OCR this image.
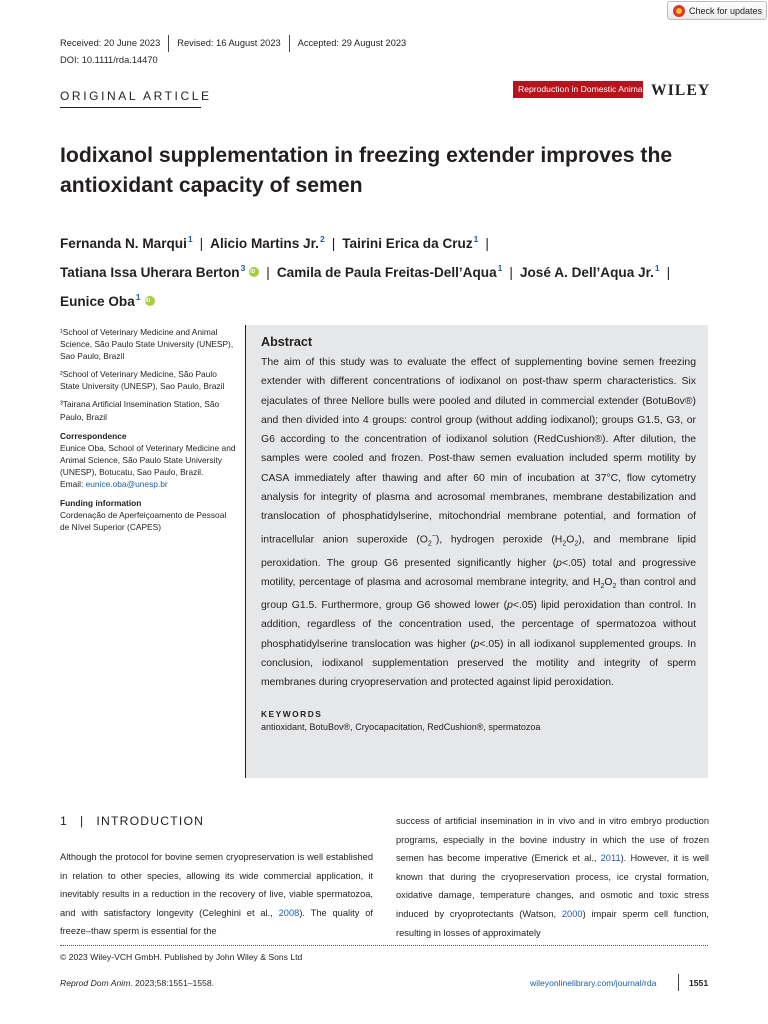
Check for updates
Received: 20 June 2023	Revised: 16 August 2023	Accepted: 29 August 2023
DOI: 10.1111/rda.14470
ORIGINAL ARTICLE	Reproduction in Domestic Animals WILEY
Iodixanol supplementation in freezing extender improves the antioxidant capacity of semen
Fernanda N. Marqui$^1$ | Alicio Martins Jr.$^2$ | Tairini Erica da Cruz$^1$ |
Tatiana Issa Uherara Berton$^3$iD | Camila de Paula Freitas-Dell’Aqua$^1$ | José A. Dell’Aqua Jr.$^1$ |
Eunice Oba$^1$iD

¹School of Veterinary Medicine and Animal Science, São Paulo State University (UNESP), Sao Paulo, Brazil

²School of Veterinary Medicine, São Paulo State University (UNESP), Sao Paulo, Brazil

³Tairana Artificial Insemination Station, São Paulo, Brazil

Correspondence

Eunice Oba, School of Veterinary Medicine and Animal Science, São Paulo State University (UNESP), Botucatu, Sao Paulo, Brazil.

Email: eunice.oba@unesp.br

Funding information

Cordenação de Aperfeiçoamento de Pessoal de Nível Superior (CAPES)

Abstract
The aim of this study was to evaluate the effect of supplementing bovine semen freezing extender with different concentrations of iodixanol on post-thaw sperm characteristics. Six ejaculates of three Nellore bulls were pooled and diluted in commercial extender (BotuBov®) and then divided into 4 groups: control group (without adding iodixanol); groups G1.5, G3, or G6 according to the concentration of iodixanol solution (RedCushion®). After dilution, the samples were cooled and frozen. Post-thaw semen evaluation included sperm motility by CASA immediately after thawing and after 60 min of incubation at 37°C, flow cytometry analysis for integrity of plasma and acrosomal membranes, membrane destabilization and translocation of phosphatidylserine, mitochondrial membrane potential, and formation of intracellular anion superoxide $(O_2^-)$, hydrogen peroxide $(H_2O_2)$, and membrane lipid peroxidation. The group G6 presented significantly higher (p<.05) total and progressive motility, percentage of plasma and acrosomal membrane integrity, and $H_2O_2$ than control and group G1.5. Furthermore, group G6 showed lower (p<.05) lipid peroxidation than control. In addition, regardless of the concentration used, the percentage of spermatozoa without phosphatidylserine translocation was higher (p<.05) in all iodixanol supplemented groups. In conclusion, iodixanol supplementation preserved the motility and integrity of sperm membranes during cryopreservation and protected against lipid peroxidation.
KEYWORDS
antioxidant, BotuBov®, Cryocapacitation, RedCushion®, spermatozoa
1 | INTRODUCTION
Although the protocol for bovine semen cryopreservation is well established in relation to other species, allowing its wide commercial application, it inevitably results in a reduction in the recovery of live, viable spermatozoa, and with satisfactory longevity (Celeghini et al., 2008). The quality of freeze–thaw sperm is essential for the
success of artificial insemination in in vivo and in vitro embryo production programs, especially in the bovine industry in which the use of frozen semen has become imperative (Emerick et al., 2011). However, it is well known that during the cryopreservation process, ice crystal formation, oxidative damage, temperature changes, and osmotic and toxic stress induced by cryoprotectants (Watson, 2000) impair sperm cell function, resulting in losses of approximately
© 2023 Wiley-VCH GmbH. Published by John Wiley & Sons Ltd
Reprod Dom Anim. 2023;58:1551–1558.	wileyonlinelibrary.com/journal/rda	1551
